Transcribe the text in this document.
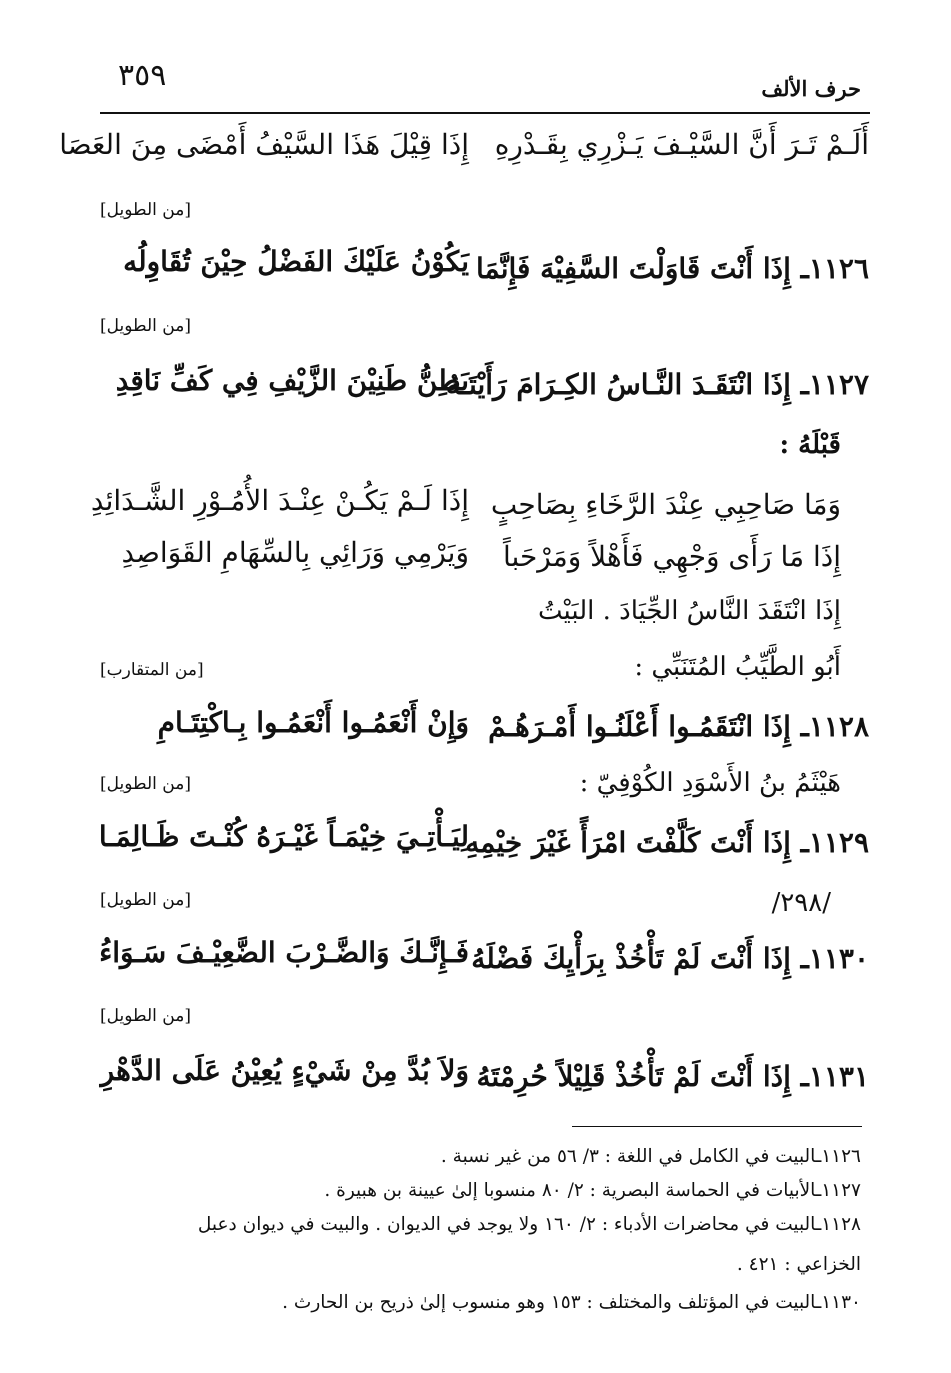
٣٥٩	حرف الألف
أَلَـمْ تَـرَ أَنَّ السَّيْـفَ يَـزْرِي بِقَـدْرِهِ
إِذَا قِيْلَ هَذَا السَّيْفُ أَمْضَى مِنَ العَصَا
[من الطويل]
١١٢٦ـ إِذَا أَنْتَ قَاوَلْتَ السَّفِيْهَ فَإِنَّمَا
يَكُوْنُ عَلَيْكَ الفَضْلُ حِيْنَ تُقَاوِلُه
[من الطويل]
١١٢٧ـ إِذَا انْتَقَـدَ النَّـاسُ الكِـرَامَ رَأَيْتَـهُ
يَطِنُّ طَنِيْنَ الزَّيْفِ فِي كَفِّ نَاقِدِ
قَبْلَهُ :
وَمَا صَاحِبِي عِنْدَ الرَّخَاءِ بِصَاحِبٍ
إِذَا لَـمْ يَكُـنْ عِنْـدَ الأُمُـوْرِ الشَّـدَائِدِ
إِذَا مَا رَأَى وَجْهِي فَأَهْلاً وَمَرْحَباً
وَيَرْمِي وَرَائِي بِالسِّهَامِ القَوَاصِدِ
إِذَا انْتَقَدَ النَّاسُ الجِّيَادَ . البَيْتُ
أَبُو الطَّيِّبُ المُتَنَبِّي :
[من المتقارب]
١١٢٨ـ إِذَا انْتَقَمُـوا أَعْلَنُـوا أَمْـرَهُـمْ
وَإِنْ أَنْعَمُـوا أَنْعَمُـوا بِـاكْتِتَـامِ
هَيْثَمُ بنُ الأَسْوَدِ الكُوْفِيّ :
[من الطويل]
١١٢٩ـ إِذَا أَنْتَ كَلَّفْتَ امْرَأً غَيْرَ خِيْمِهِ
لِيَـأْتِـيَ خِيْمَـاً غَيْـرَهُ كُنْـتَ ظَـالِمَـا
/٢٩٨/
[من الطويل]
١١٣٠ـ إِذَا أَنْتَ لَمْ تَأْخُذْ بِرَأْيِكَ فَضْلَهُ
فَـإِنَّـكَ وَالضَّـرْبَ الضَّعِيْـفَ سَـوَاءُ
[من الطويل]
١١٣١ـ إِذَا أَنْتَ لَمْ تَأْخُذْ قَلِيْلاً حُرِمْتَهُ
وَلاَ بُدَّ مِنْ شَيْءٍ يُعِيْنُ عَلَى الدَّهْرِ
١١٢٦ـالبيت في الكامل في اللغة : ٣/ ٥٦ من غير نسبة .
١١٢٧ـالأبيات في الحماسة البصرية : ٢/ ٨٠ منسوبا إلىٰ عيينة بن هبيرة .
١١٢٨ـالبيت في محاضرات الأدباء : ٢/ ١٦٠ ولا يوجد في الديوان . والبيت في ديوان دعبل
الخزاعي : ٤٢١ .
١١٣٠ـالبيت في المؤتلف والمختلف : ١٥٣ وهو منسوب إلىٰ ذريح بن الحارث .
